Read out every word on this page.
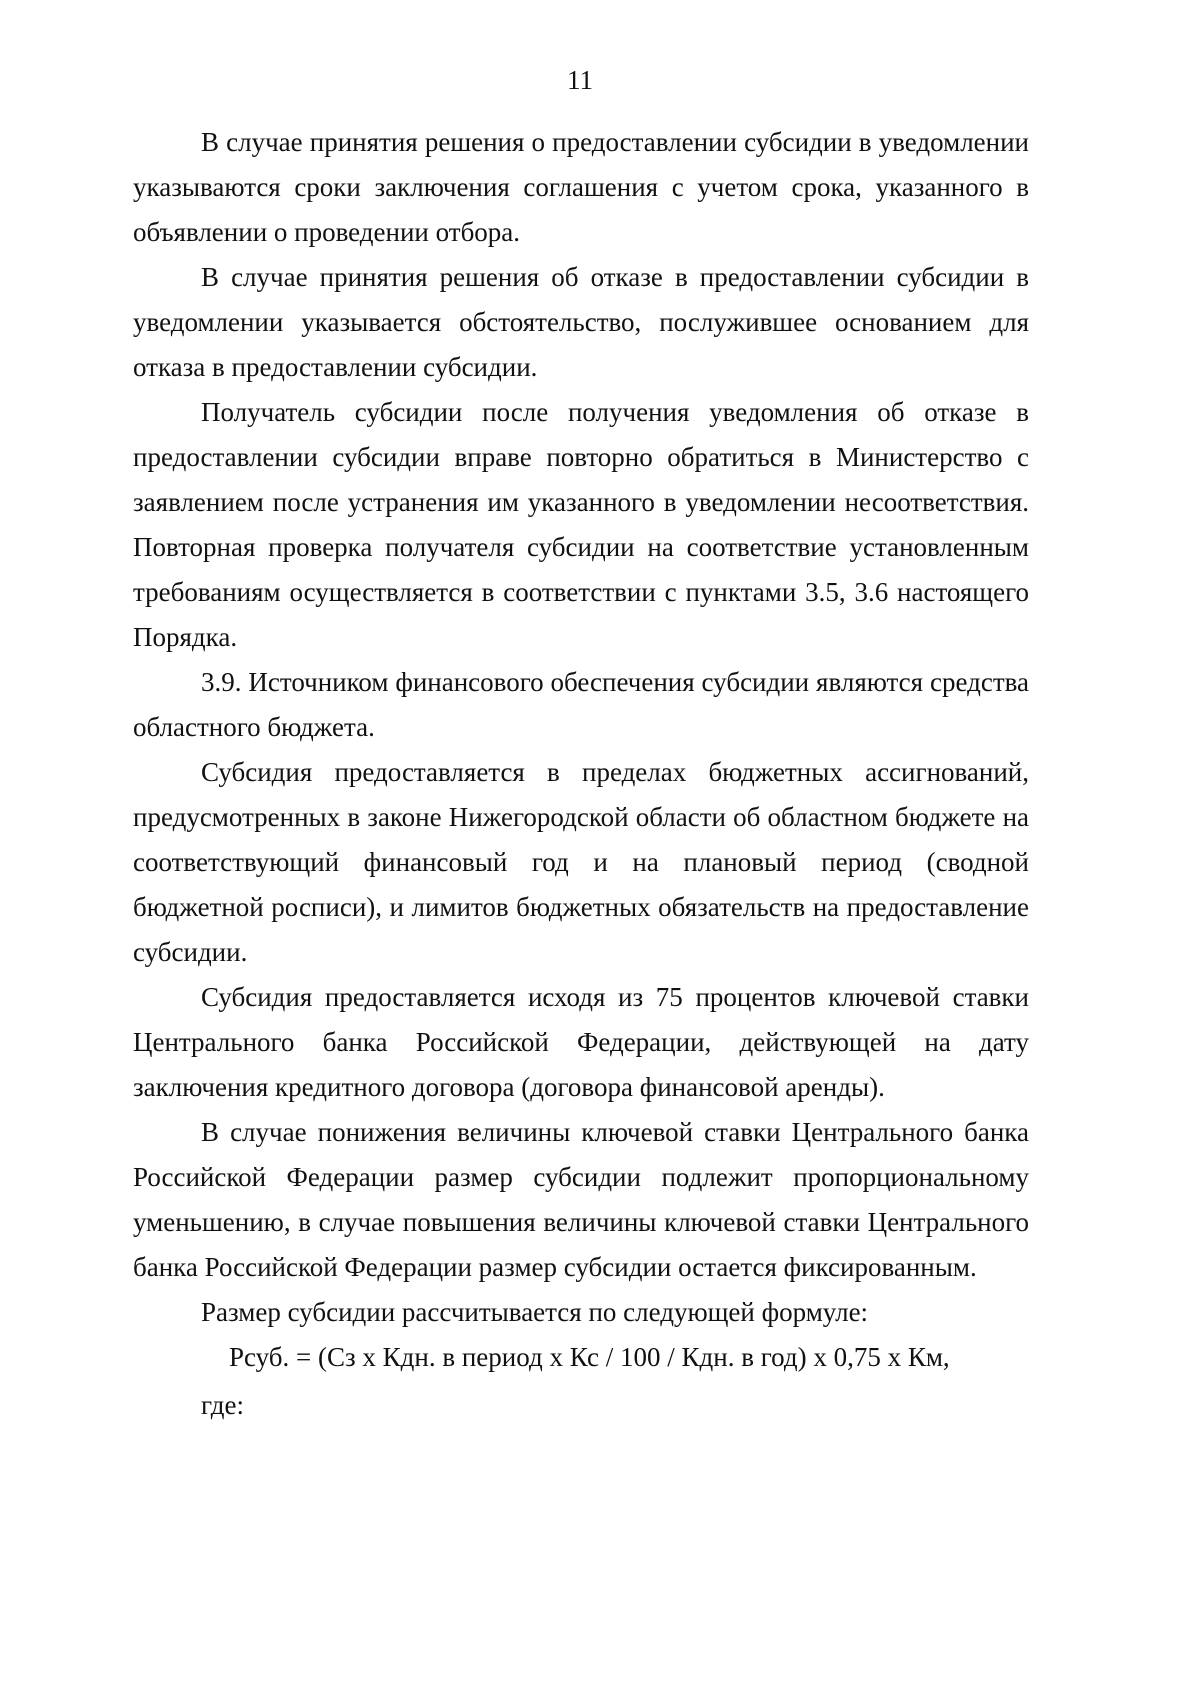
11

В случае принятия решения о предоставлении субсидии в уведомлении указываются сроки заключения соглашения с учетом срока, указанного в объявлении о проведении отбора.

В случае принятия решения об отказе в предоставлении субсидии в уведомлении указывается обстоятельство, послужившее основанием для отказа в предоставлении субсидии.

Получатель субсидии после получения уведомления об отказе в предоставлении субсидии вправе повторно обратиться в Министерство с заявлением после устранения им указанного в уведомлении несоответствия. Повторная проверка получателя субсидии на соответствие установленным требованиям осуществляется в соответствии с пунктами 3.5, 3.6 настоящего Порядка.

3.9. Источником финансового обеспечения субсидии являются средства областного бюджета.

Субсидия предоставляется в пределах бюджетных ассигнований, предусмотренных в законе Нижегородской области об областном бюджете на соответствующий финансовый год и на плановый период (сводной бюджетной росписи), и лимитов бюджетных обязательств на предоставление субсидии.

Субсидия предоставляется исходя из 75 процентов ключевой ставки Центрального банка Российской Федерации, действующей на дату заключения кредитного договора (договора финансовой аренды).

В случае понижения величины ключевой ставки Центрального банка Российской Федерации размер субсидии подлежит пропорциональному уменьшению, в случае повышения величины ключевой ставки Центрального банка Российской Федерации размер субсидии остается фиксированным.

Размер субсидии рассчитывается по следующей формуле:

Рсуб. = (Сз х Кдн. в период х Кс / 100 / Кдн. в год) х 0,75 х Км,

где:
